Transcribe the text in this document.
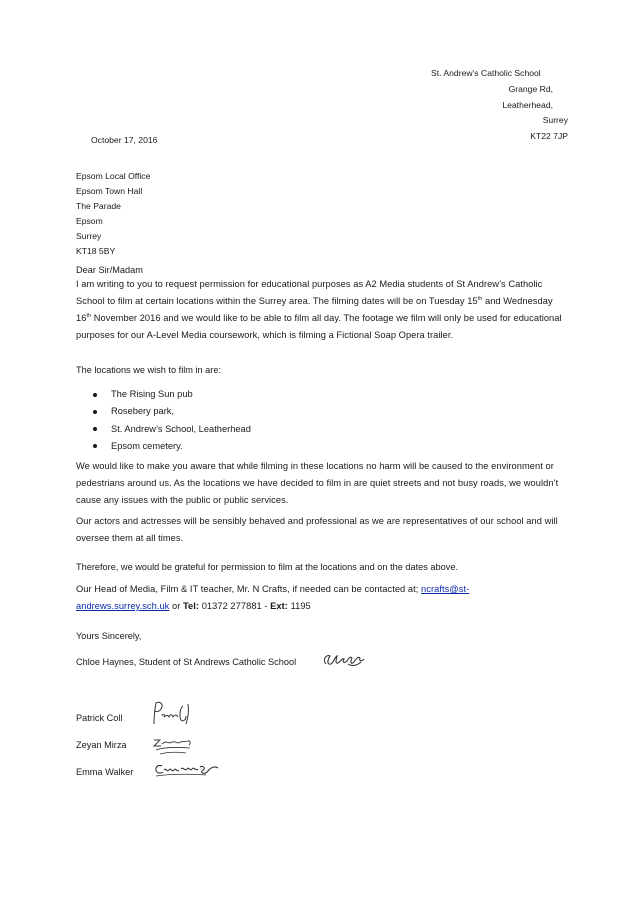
St. Andrew’s Catholic School
Grange Rd,
Leatherhead,
Surrey
KT22 7JP
October 17, 2016
Epsom Local Office
Epsom Town Hall
The Parade
Epsom
Surrey
KT18 5BY
Dear Sir/Madam
I am writing to you to request permission for educational purposes as A2 Media students of St Andrew’s Catholic School to film at certain locations within the Surrey area. The filming dates will be on Tuesday 15th and Wednesday 16th November 2016 and we would like to be able to film all day. The footage we film will only be used for educational purposes for our A-Level Media coursework, which is filming a Fictional Soap Opera trailer.
The locations we wish to film in are:
The Rising Sun pub
Rosebery park,
St. Andrew’s School, Leatherhead
Epsom cemetery.
We would like to make you aware that while filming in these locations no harm will be caused to the environment or pedestrians around us. As the locations we have decided to film in are quiet streets and not busy roads, we wouldn’t cause any issues with the public or public services.
Our actors and actresses will be sensibly behaved and professional as we are representatives of our school and will oversee them at all times.
Therefore, we would be grateful for permission to film at the locations and on the dates above.
Our Head of Media, Film & IT teacher, Mr. N Crafts, if needed can be contacted at; ncrafts@st-andrews.surrey.sch.uk or Tel: 01372 277881 - Ext: 1195
Yours Sincerely,
Chloe Haynes, Student of St Andrews Catholic School
Patrick Coll
Zeyan Mirza
Emma Walker
